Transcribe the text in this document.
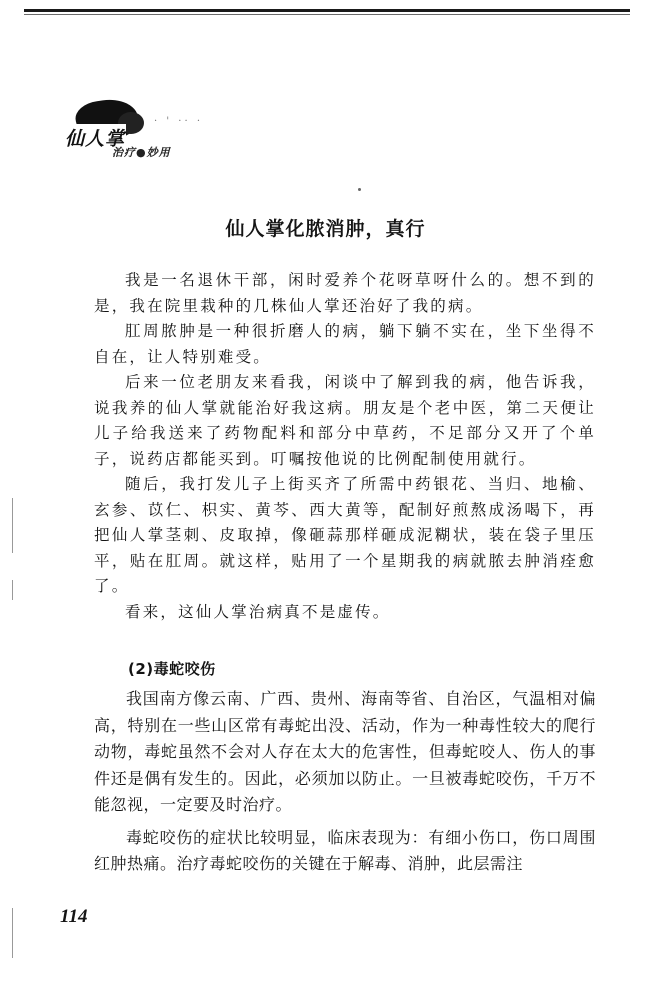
· ' ·· ·
仙人掌
治疗●妙用
仙人掌化脓消肿，真行

我是一名退休干部，闲时爱养个花呀草呀什么的。想不到的是，我在院里栽种的几株仙人掌还治好了我的病。

肛周脓肿是一种很折磨人的病，躺下躺不实在，坐下坐得不自在，让人特别难受。

后来一位老朋友来看我，闲谈中了解到我的病，他告诉我，说我养的仙人掌就能治好我这病。朋友是个老中医，第二天便让儿子给我送来了药物配料和部分中草药，不足部分又开了个单子，说药店都能买到。叮嘱按他说的比例配制使用就行。

随后，我打发儿子上街买齐了所需中药银花、当归、地榆、玄参、苡仁、枳实、黄芩、西大黄等，配制好煎熬成汤喝下，再把仙人掌茎刺、皮取掉，像砸蒜那样砸成泥糊状，装在袋子里压平，贴在肛周。就这样，贴用了一个星期我的病就脓去肿消痊愈了。

看来，这仙人掌治病真不是虚传。

(2)毒蛇咬伤

我国南方像云南、广西、贵州、海南等省、自治区，气温相对偏高，特别在一些山区常有毒蛇出没、活动，作为一种毒性较大的爬行动物，毒蛇虽然不会对人存在太大的危害性，但毒蛇咬人、伤人的事件还是偶有发生的。因此，必须加以防止。一旦被毒蛇咬伤，千万不能忽视，一定要及时治疗。

毒蛇咬伤的症状比较明显，临床表现为：有细小伤口，伤口周围红肿热痛。治疗毒蛇咬伤的关键在于解毒、消肿，此层需注

114
